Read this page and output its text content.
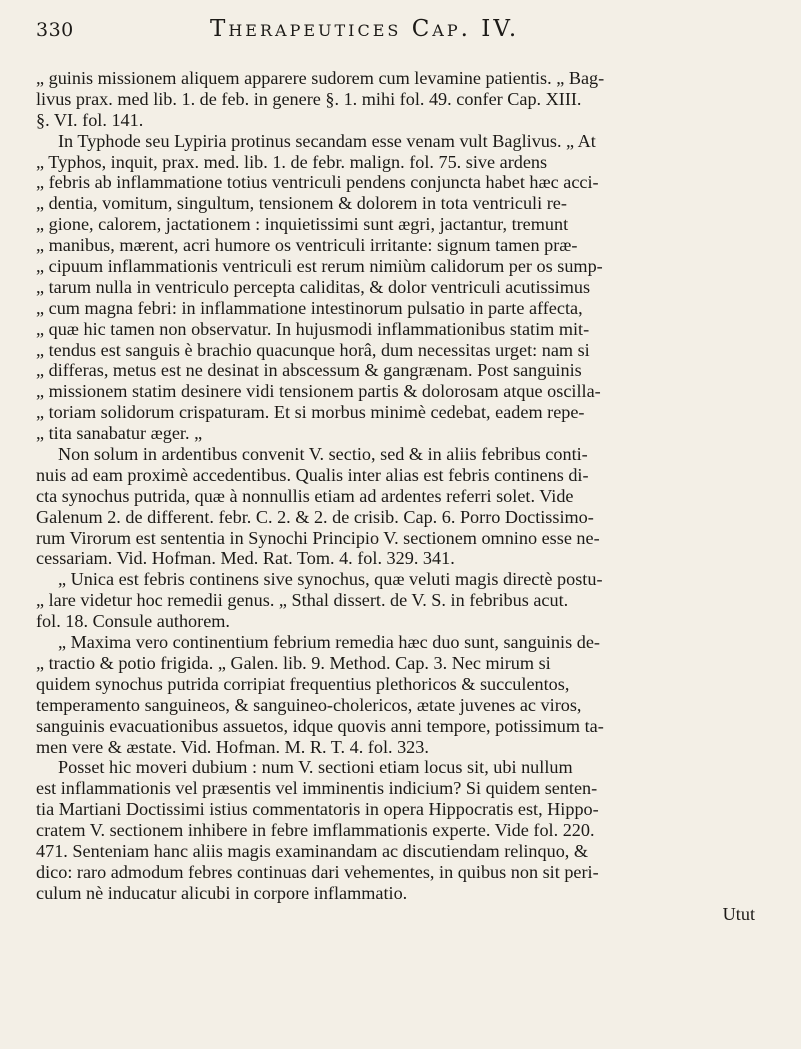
330	Therapeutices Cap. IV.
„ guinis missionem aliquem apparere sudorem cum levamine patientis. „ Bag-
livus prax. med lib. 1. de feb. in genere §. 1. mihi fol. 49. confer Cap. XIII.
§. VI. fol. 141.
In Typhode seu Lypiria protinus secandam esse venam vult Baglivus. „ At
„ Typhos, inquit, prax. med. lib. 1. de febr. malign. fol. 75. sive ardens
„ febris ab inflammatione totius ventriculi pendens conjuncta habet hæc acci-
„ dentia, vomitum, singultum, tensionem & dolorem in tota ventriculi re-
„ gione, calorem, jactationem : inquietissimi sunt ægri, jactantur, tremunt
„ manibus, mærent, acri humore os ventriculi irritante: signum tamen præ-
„ cipuum inflammationis ventriculi est rerum nimiùm calidorum per os sump-
„ tarum nulla in ventriculo percepta caliditas, & dolor ventriculi acutissimus
„ cum magna febri: in inflammatione intestinorum pulsatio in parte affecta,
„ quæ hic tamen non observatur. In hujusmodi inflammationibus statim mit-
„ tendus est sanguis è brachio quacunque horâ, dum necessitas urget: nam si
„ differas, metus est ne desinat in abscessum & gangrænam. Post sanguinis
„ missionem statim desinere vidi tensionem partis & dolorosam atque oscilla-
„ toriam solidorum crispaturam. Et si morbus minimè cedebat, eadem repe-
„ tita sanabatur æger. „
Non solum in ardentibus convenit V. sectio, sed & in aliis febribus conti-
nuis ad eam proximè accedentibus. Qualis inter alias est febris continens di-
cta synochus putrida, quæ à nonnullis etiam ad ardentes referri solet. Vide
Galenum 2. de different. febr. C. 2. & 2. de crisib. Cap. 6. Porro Doctissimo-
rum Virorum est sententia in Synochi Principio V. sectionem omnino esse ne-
cessariam. Vid. Hofman. Med. Rat. Tom. 4. fol. 329. 341.
„ Unica est febris continens sive synochus, quæ veluti magis directè postu-
„ lare videtur hoc remedii genus. „ Sthal dissert. de V. S. in febribus acut.
fol. 18. Consule authorem.
„ Maxima vero continentium febrium remedia hæc duo sunt, sanguinis de-
„ tractio & potio frigida. „ Galen. lib. 9. Method. Cap. 3. Nec mirum si
quidem synochus putrida corripiat frequentius plethoricos & succulentos,
temperamento sanguineos, & sanguineo-cholericos, ætate juvenes ac viros,
sanguinis evacuationibus assuetos, idque quovis anni tempore, potissimum ta-
men vere & æstate. Vid. Hofman. M. R. T. 4. fol. 323.
Posset hic moveri dubium : num V. sectioni etiam locus sit, ubi nullum
est inflammationis vel præsentis vel imminentis indicium? Si quidem senten-
tia Martiani Doctissimi istius commentatoris in opera Hippocratis est, Hippo-
cratem V. sectionem inhibere in febre imflammationis experte. Vide fol. 220.
471. Senteniam hanc aliis magis examinandam ac discutiendam relinquo, &
dico: raro admodum febres continuas dari vehementes, in quibus non sit peri-
culum nè inducatur alicubi in corpore inflammatio.
Utut
